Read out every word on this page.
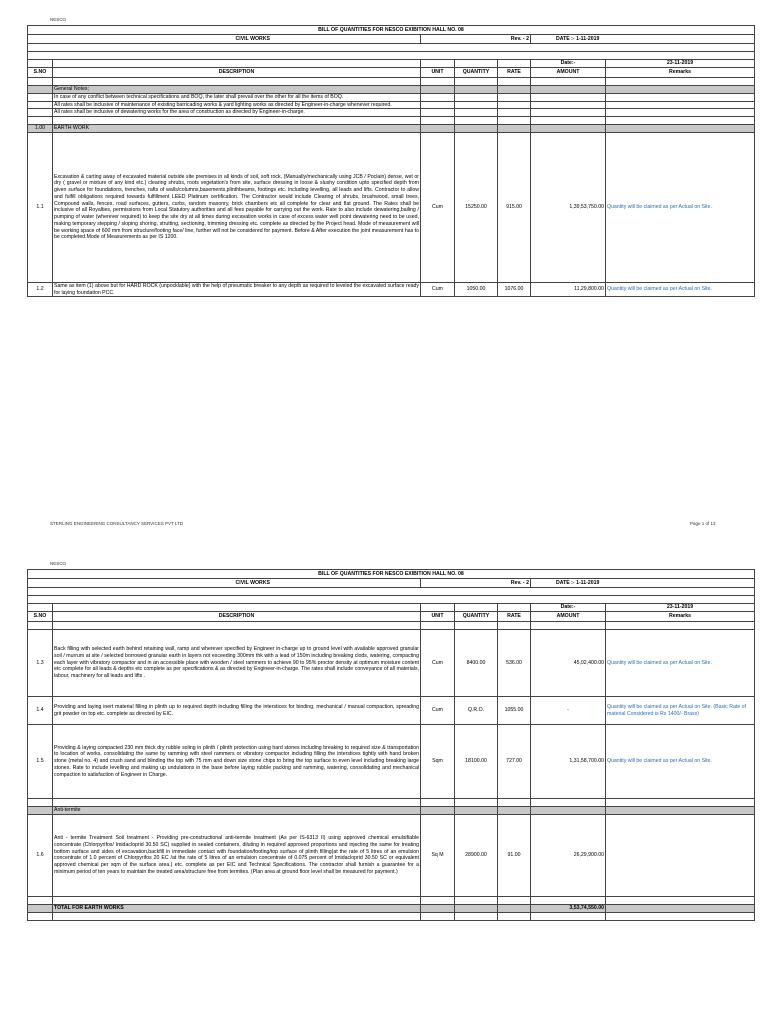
NESCO
BILL OF QUANTITIES FOR NESCO EXIBITION HALL NO. 08						
CIVIL WORKS		Rev. - 2			DATE :- 1-11-2019	

					Date:-	23-11-2019
S.NO	DESCRIPTION	UNIT	QUANTITY	RATE	AMOUNT	Remarks

	General Notes;					
	In case of any conflict between technical specifications and BOQ, the later shall prevail over the other for all the items of BOQ.					
	All rates shall be inclusive of maintenance of existing barricading works & yard lighting works as directed by Engineer-in-charge whenever required.					
	All rates shall be inclusive of dewatering works for the area of construction as directed by Engineer-in-charge.					

1.00	EARTH WORK					
1.1	Excavation & carting away of excavated material outside site premises in all kinds of soil, soft rock, (Manually/mechanically using JCB / Poclain) dense, wet or dry ( gravel or mixture of any kind etc.) clearing shrubs, roots vegetation's from site, surface dressing in loose & slushy condition upto specified depth from given surface for foundations, trenches, rafts of walls/columns,basements,plinthbeams, footings etc. including levelling, all leads and lifts. Contractor to allow and fulfill obligations required towards fulfillment LEED Platinum certification. The Contractor would include Clearing of shrubs, brushwood, small trees, Compound walls, fences, road surfaces, gutters, curbs, random masonry, brick chambers etc all complete for clear and flat ground. The Rates shall be inclusive of all Royalties, permissions from Local Statutory authorities and all fees payable for carrying out the work. Rate to also include dewatering,bailing / pumping of water (wherever required) to keep the site dry at all times during excavation works in case of excess water well point dewatering need to be used, making temporary stepping / sloping shoring, strutting, sectioning, trimming dressing etc. complete as directed by the Project head. Mode of measurement will be working space of 600 mm from structure/footing face/ line, further will not be considered for payment. Before & After execution the joint measurement has to be completed.Mode of Measurements as per IS 1200.	Cum	15250.00	915.00	1,39,53,750.00	Quantity will be claimed as per Actual on Site.
1.2	Same as item (1) above but for HARD ROCK (unpocklable) with the help of pneumatic breaker to any depth as required to leveled the excavated surface ready for laying foundation PCC.	Cum	1050.00	1076.00	11,29,800.00	Quantity will be claimed as per Actual on Site.
STERLING ENGINEERING CONSULTANCY SERVICES PVT LTD	Page 1 of 13
NESCO
BILL OF QUANTITIES FOR NESCO EXIBITION HALL NO. 08						
CIVIL WORKS		Rev. - 2			DATE :- 1-11-2019	

					Date:-	23-11-2019
S.NO	DESCRIPTION	UNIT	QUANTITY	RATE	AMOUNT	Remarks

1.3	Back filling with selected earth behind retaining wall, ramp and wherever specified by Engineer in-charge up to ground level with available approved granular soil / murrum at site / selected borrowed granular earth in layers not exceeding 300mm thk with a lead of 150m including breaking clods, watering, compacting each layer with vibratory compactor and in an accessible place with wooden / steel rammers to achieve 90 to 95% proctor density at optimum moisture content etc complete for all leads & depths etc complete as per specifications & as directed by Engineer-in-charge. The rates shall include conveyance of all materials, labour, machinery for all leads and lifts .	Cum	8400.00	536.00	45,02,400.00	Quantity will be claimed as per Actual on Site.
1.4	Providing and laying inert material filling in plinth up to required depth including filling the interstices for binding, mechanical / manual compaction, spreading grit powder on top etc. complete as directed by EIC.	Cum	Q.R.O.	1055.00	-	Quantity will be claimed as per Actual on Site. (Basic Rate of material Considered is Rs 1400/- Brass)
1.5	Providing & laying compacted 230 mm thick dry rubble soling in plinth / plinth protection using hard stones including breaking to required size & transportation to location of works, consolidating the same by ramming with steel rammers or vibratory compactor including filling the interstices tightly with hand broken stone (metal no. 4) and crush sand and blinding the top with 75 mm and down size stone chips to bring the top surface to even level including breaking large stones. Rate to include levelling and making up undulations in the base before laying rubble packing and ramming, watering, consolidating and mechanical compaction to satisfaction of Engineer in Charge.	Sqm	18100.00	727.00	1,31,58,700.00	Quantity will be claimed as per Actual on Site.

	Anti-termite					
1.6	Anti - termite Treatment Soil treatment - Providing pre-constructional anti-termite treatment (As per IS-6313 II) using approved chemical emulsifiable concentrate (Chlorpyrifos/ Imidacloprid 30.50 SC) supplied in sealed containers, diluting in required approved proportions and injecting the same for treating bottom surface and sides of excavation,backfill in immediate contact with foundation/footing/top surface of plinth filling(at the rate of 5 litres of an emulsion concentrate of 1.0 percent of Chlorpyrifos 20 EC /at the rate of 5 litres of an emulsion concentrate of 0.075 percent of Imidacloprid 30.50 SC or equivalent approved chemical per sqm of the surface area.) etc. complete as per EIC and Technical Specifications. The contractor shall furnish a guarantee for a minimum period of ten years to maintain the treated area/structure free from termites. (Plan area at ground floor level shall be measured for payment.)	Sq M	28900.00	91.00	26,29,900.00	

	TOTAL FOR EARTH WORKS				3,53,74,550.00	
